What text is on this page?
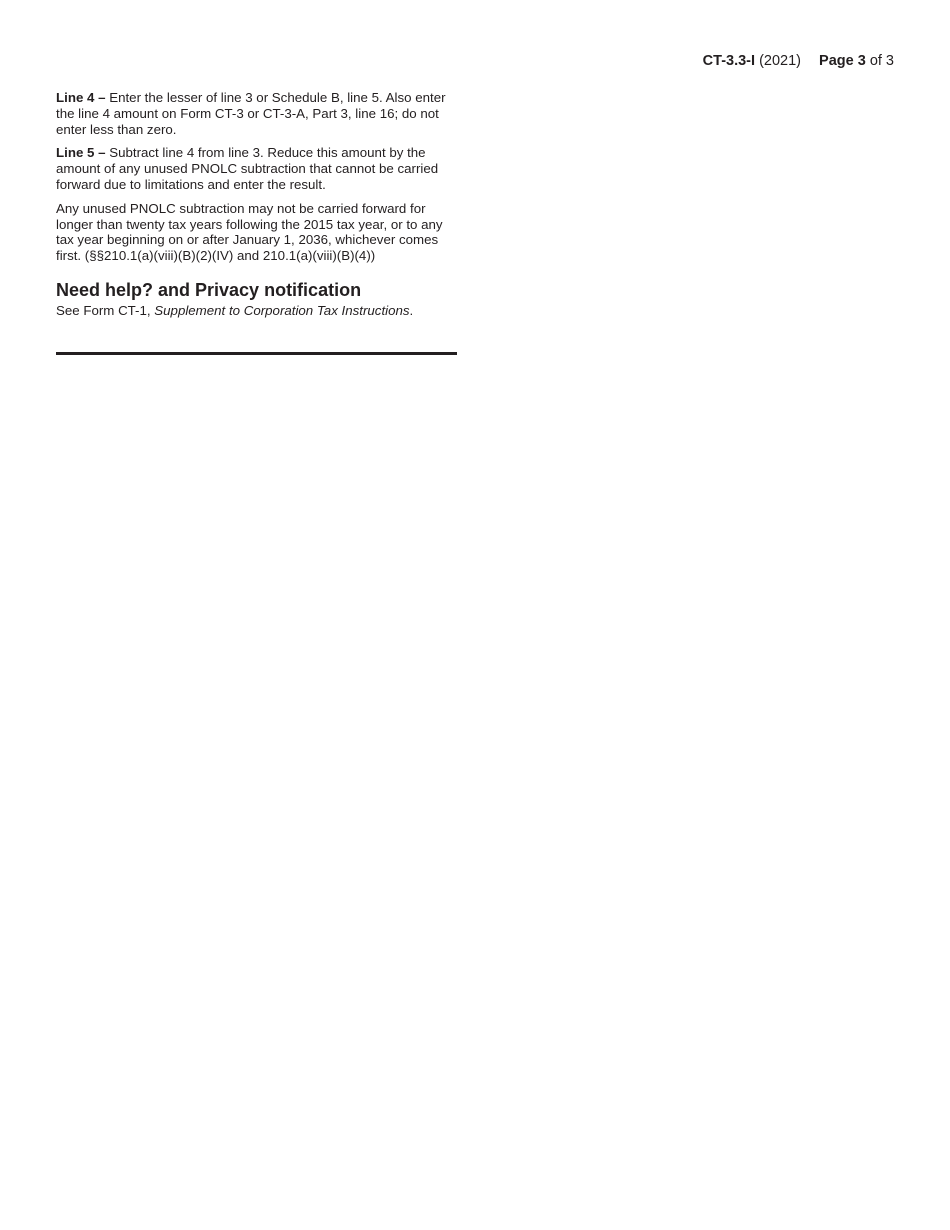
CT-3.3-I (2021) Page 3 of 3

Line 4 – Enter the lesser of line 3 or Schedule B, line 5. Also enter the line 4 amount on Form CT-3 or CT-3-A, Part 3, line 16; do not enter less than zero.

Line 5 – Subtract line 4 from line 3. Reduce this amount by the amount of any unused PNOLC subtraction that cannot be carried forward due to limitations and enter the result.

Any unused PNOLC subtraction may not be carried forward for longer than twenty tax years following the 2015 tax year, or to any tax year beginning on or after January 1, 2036, whichever comes first. (§§210.1(a)(viii)(B)(2)(IV) and 210.1(a)(viii)(B)(4))

Need help? and Privacy notification

See Form CT-1, Supplement to Corporation Tax Instructions.
